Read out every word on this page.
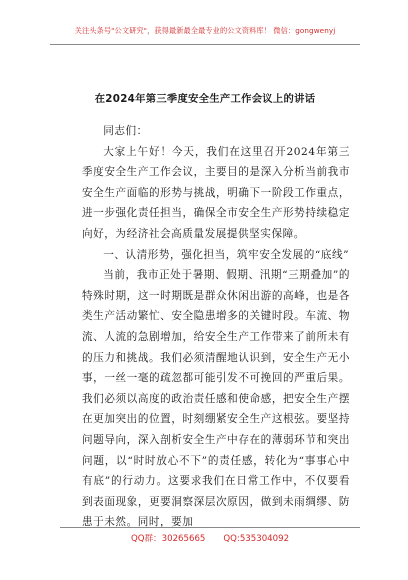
关注头条号"公文研究"，获得最新最全最专业的公文资料库！ 微信：gongwenyj
在2024年第三季度安全生产工作会议上的讲话

同志们：

大家上午好！今天，我们在这里召开2024年第三季度安全生产工作会议，主要目的是深入分析当前我市安全生产面临的形势与挑战，明确下一阶段工作重点，进一步强化责任担当，确保全市安全生产形势持续稳定向好，为经济社会高质量发展提供坚实保障。

一、认清形势，强化担当，筑牢安全发展的“底线”

当前，我市正处于暑期、假期、汛期“三期叠加”的特殊时期，这一时期既是群众休闲出游的高峰，也是各类生产活动繁忙、安全隐患增多的关键时段。车流、物流、人流的急剧增加，给安全生产工作带来了前所未有的压力和挑战。我们必须清醒地认识到，安全生产无小事，一丝一毫的疏忽都可能引发不可挽回的严重后果。我们必须以高度的政治责任感和使命感，把安全生产摆在更加突出的位置，时刻绷紧安全生产这根弦。要坚持问题导向，深入剖析安全生产中存在的薄弱环节和突出问题，以“时时放心不下”的责任感，转化为“事事心中有底”的行动力。这要求我们在日常工作中，不仅要看到表面现象，更要洞察深层次原因，做到未雨绸缪、防患于未然。同时，要加

QQ群：30265665 QQ:535304092
